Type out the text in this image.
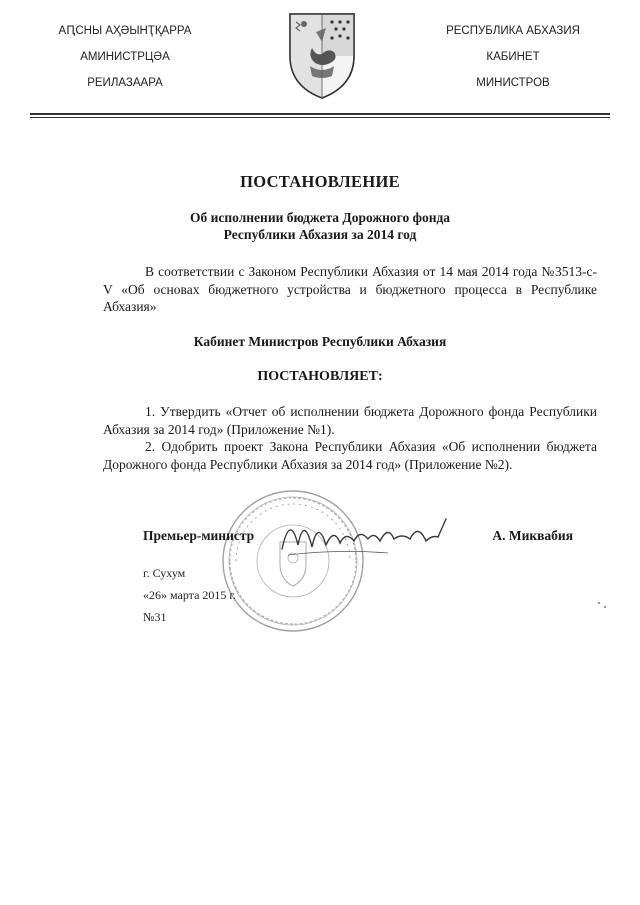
АԤСНЫ АҲӘЫНҬҚАРРА
АМИНИСТРЦӘА
РЕИЛАЗААРА
РЕСПУБЛИКА АБХАЗИЯ
КАБИНЕТ
МИНИСТРОВ
ПОСТАНОВЛЕНИЕ
Об исполнении бюджета Дорожного фонда
Республики Абхазия за 2014 год
В соответствии с Законом Республики Абхазия от 14 мая 2014 года №3513-с-V «Об основах бюджетного устройства и бюджетного процесса в Республике Абхазия»
Кабинет Министров Республики Абхазия
ПОСТАНОВЛЯЕТ:

1. Утвердить «Отчет об исполнении бюджета Дорожного фонда Республики Абхазия за 2014 год» (Приложение №1).

2. Одобрить проект Закона Республики Абхазия «Об исполнении бюджета Дорожного фонда Республики Абхазия за 2014 год» (Приложение №2).

Премьер-министр	А. Миквабия
г. Сухум
«26» марта 2015 г.
№31
